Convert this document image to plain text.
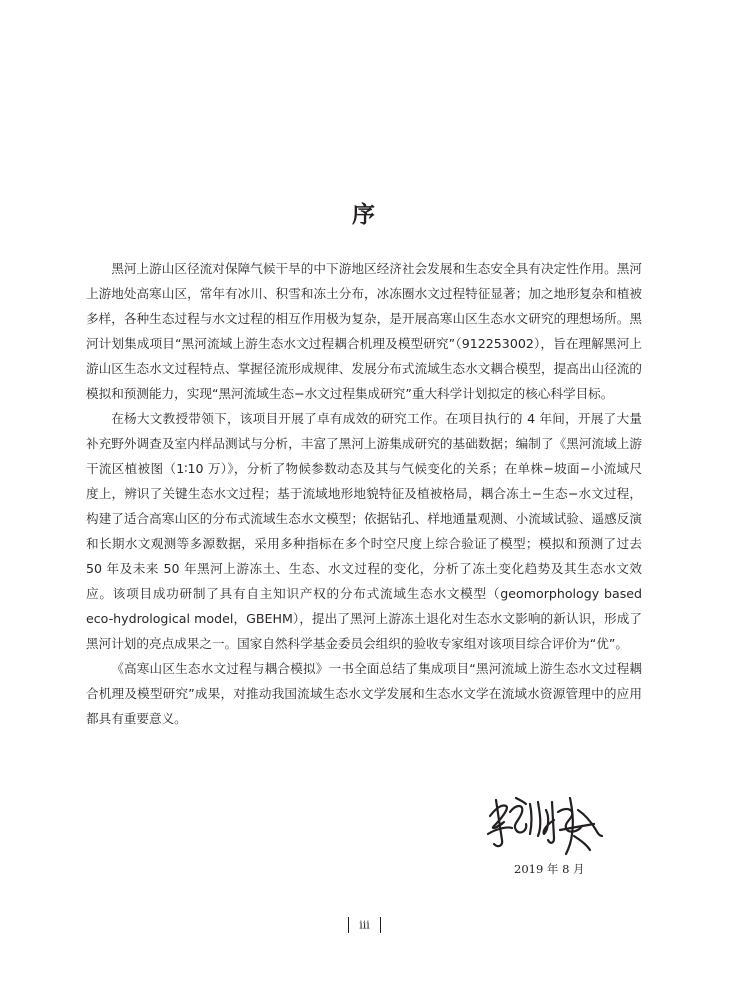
序

黑河上游山区径流对保障气候干旱的中下游地区经济社会发展和生态安全具有决定性作用。黑河上游地处高寒山区，常年有冰川、积雪和冻土分布，冰冻圈水文过程特征显著；加之地形复杂和植被多样，各种生态过程与水文过程的相互作用极为复杂，是开展高寒山区生态水文研究的理想场所。黑河计划集成项目“黑河流域上游生态水文过程耦合机理及模型研究”（912253002），旨在理解黑河上游山区生态水文过程特点、掌握径流形成规律、发展分布式流域生态水文耦合模型，提高出山径流的模拟和预测能力，实现“黑河流域生态−水文过程集成研究”重大科学计划拟定的核心科学目标。

在杨大文教授带领下，该项目开展了卓有成效的研究工作。在项目执行的 4 年间，开展了大量补充野外调查及室内样品测试与分析，丰富了黑河上游集成研究的基础数据；编制了《黑河流域上游干流区植被图（1∶10 万）》，分析了物候参数动态及其与气候变化的关系；在单株−坡面−小流域尺度上，辨识了关键生态水文过程；基于流域地形地貌特征及植被格局，耦合冻土−生态−水文过程，构建了适合高寒山区的分布式流域生态水文模型；依据钻孔、样地通量观测、小流域试验、遥感反演和长期水文观测等多源数据，采用多种指标在多个时空尺度上综合验证了模型；模拟和预测了过去 50 年及未来 50 年黑河上游冻土、生态、水文过程的变化，分析了冻土变化趋势及其生态水文效应。该项目成功研制了具有自主知识产权的分布式流域生态水文模型（geomorphology based eco-hydrological model，GBEHM），提出了黑河上游冻土退化对生态水文影响的新认识，形成了黑河计划的亮点成果之一。国家自然科学基金委员会组织的验收专家组对该项目综合评价为“优”。

《高寒山区生态水文过程与耦合模拟》一书全面总结了集成项目“黑河流域上游生态水文过程耦合机理及模型研究”成果，对推动我国流域生态水文学发展和生态水文学在流域水资源管理中的应用都具有重要意义。

2019 年 8 月
iii
